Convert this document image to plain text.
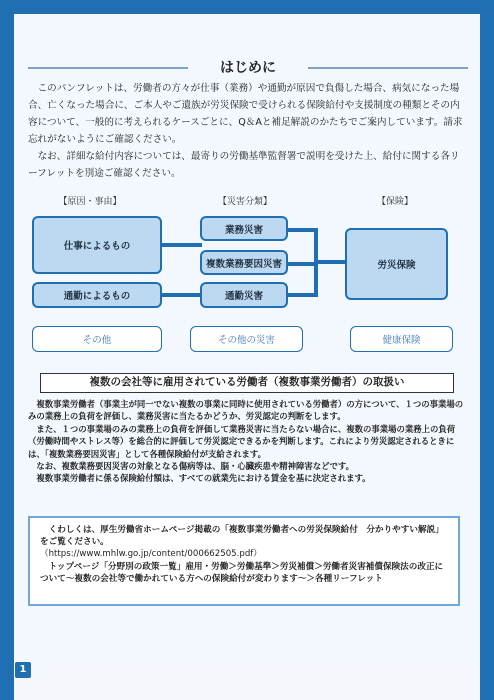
はじめに

このパンフレットは、労働者の方々が仕事（業務）や通勤が原因で負傷した場合、病気になった場合、亡くなった場合に、ご本人やご遺族が労災保険で受けられる保険給付や支援制度の種類とその内容について、一般的に考えられるケースごとに、Q＆Aと補足解説のかたちでご案内しています。請求忘れがないようにご確認ください。

なお、詳細な給付内容については、最寄りの労働基準監督署で説明を受けた上、給付に関する各リーフレットを別途ご確認ください。

【原因・事由】	【災害分類】	【保険】
仕事によるもの
通勤によるもの
業務災害
複数業務要因災害
通勤災害
労災保険
その他	その他の災害	健康保険
複数の会社等に雇用されている労働者（複数事業労働者）の取扱い

複数事業労働者（事業主が同一でない複数の事業に同時に使用されている労働者）の方について、１つの事業場のみの業務上の負荷を評価し、業務災害に当たるかどうか、労災認定の判断をします。

また、１つの事業場のみの業務上の負荷を評価して業務災害に当たらない場合に、複数の事業場の業務上の負荷（労働時間やストレス等）を総合的に評価して労災認定できるかを判断します。これにより労災認定されるときには、「複数業務要因災害」として各種保険給付が支給されます。

なお、複数業務要因災害の対象となる傷病等は、脳・心臓疾患や精神障害などです。

複数事業労働者に係る保険給付額は、すべての就業先における賃金を基に決定されます。

くわしくは、厚生労働省ホームページ掲載の「複数事業労働者への労災保険給付　分かりやすい解説」をご覧ください。

（https://www.mhlw.go.jp/content/000662505.pdf）

トップページ「分野別の政策一覧」雇用・労働＞労働基準＞労災補償＞労働者災害補償保険法の改正について～複数の会社等で働かれている方への保険給付が変わります～＞各種リーフレット

1
